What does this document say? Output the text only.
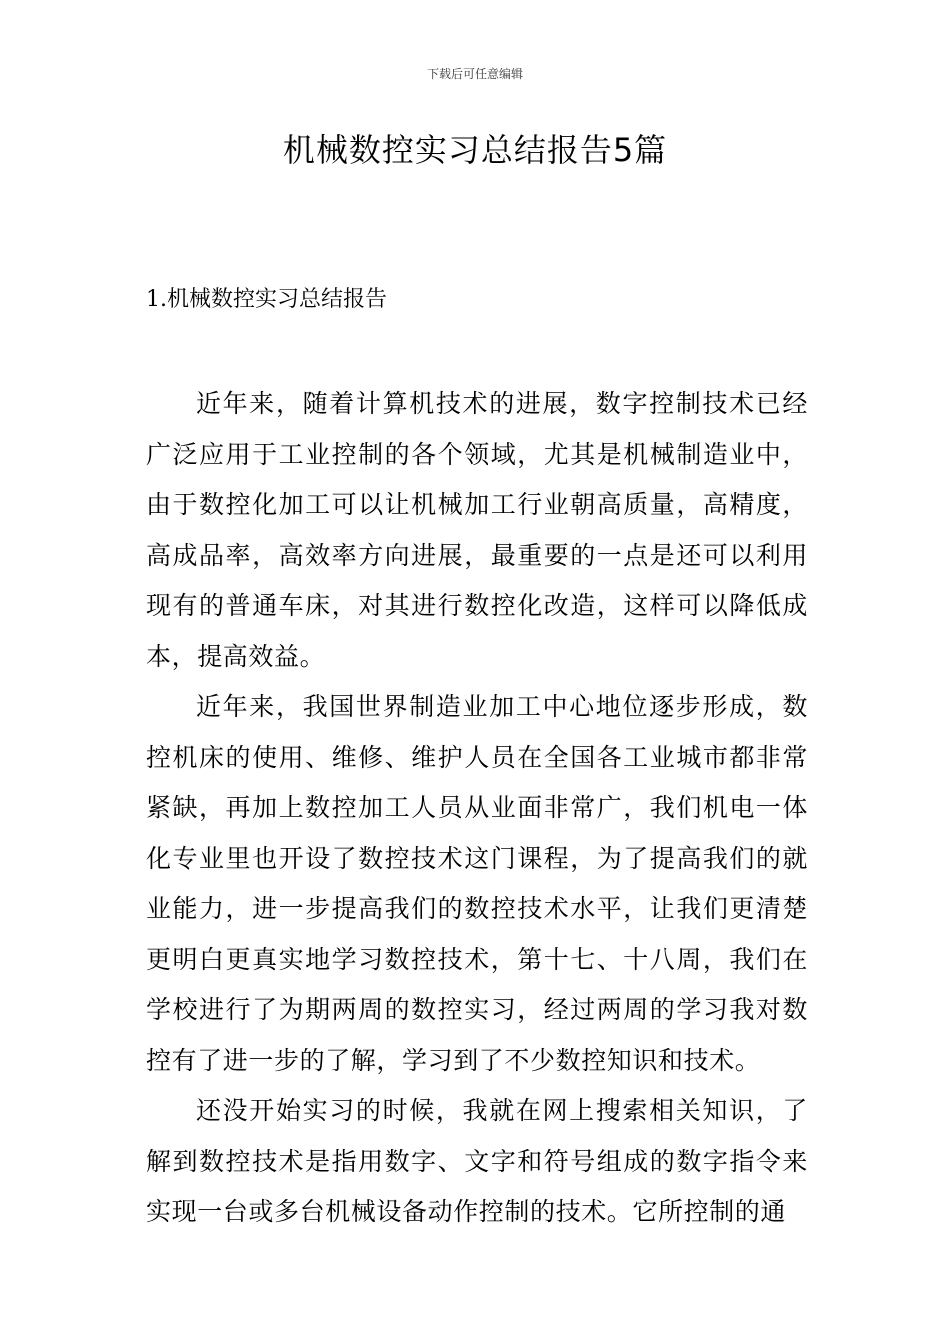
下载后可任意编辑
机械数控实习总结报告5篇
1.机械数控实习总结报告

近年来，随着计算机技术的进展，数字控制技术已经广泛应用于工业控制的各个领域，尤其是机械制造业中，由于数控化加工可以让机械加工行业朝高质量，高精度，高成品率，高效率方向进展，最重要的一点是还可以利用现有的普通车床，对其进行数控化改造，这样可以降低成本，提高效益。

近年来，我国世界制造业加工中心地位逐步形成，数控机床的使用、维修、维护人员在全国各工业城市都非常紧缺，再加上数控加工人员从业面非常广，我们机电一体化专业里也开设了数控技术这门课程，为了提高我们的就业能力，进一步提高我们的数控技术水平，让我们更清楚更明白更真实地学习数控技术，第十七、十八周，我们在学校进行了为期两周的数控实习，经过两周的学习我对数控有了进一步的了解，学习到了不少数控知识和技术。

还没开始实习的时候，我就在网上搜索相关知识，了解到数控技术是指用数字、文字和符号组成的数字指令来实现一台或多台机械设备动作控制的技术。它所控制的通
